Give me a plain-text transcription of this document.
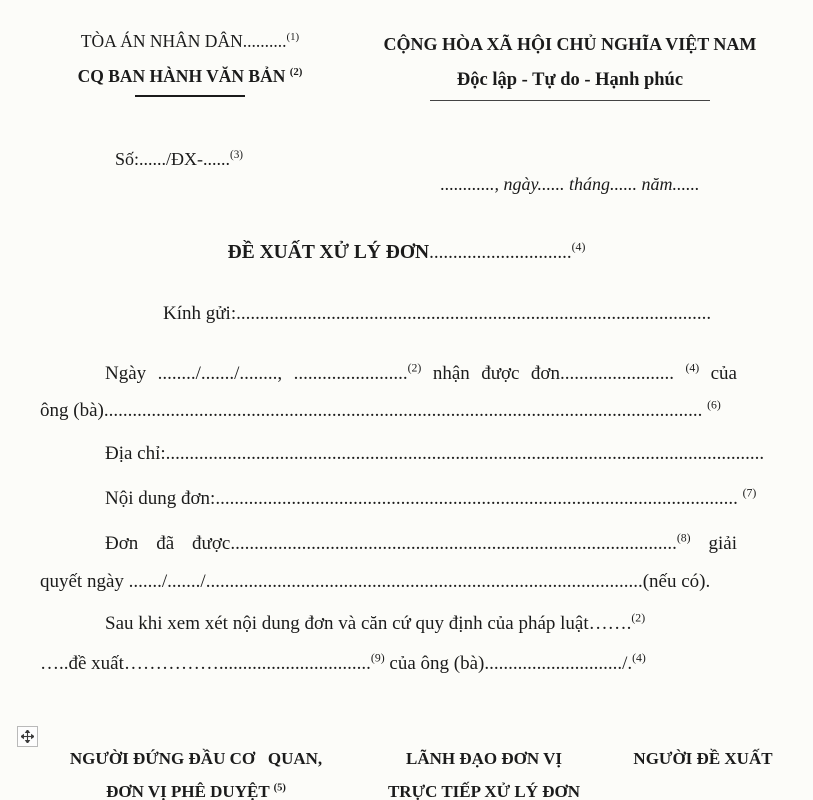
TÒA ÁN NHÂN DÂN..........$^{(1)}$
CQ BAN HÀNH VĂN BẢN $^{(2)}$
CỘNG HÒA XÃ HỘI CHỦ NGHĨA VIỆT NAM
Độc lập - Tự do - Hạnh phúc
Số:....../ĐX-......$^{(3)}$
............, ngày...... tháng...... năm......
ĐỀ XUẤT XỬ LÝ ĐƠN..............................$^{(4)}$
Kính gửi:....................................................................................................
Ngày ......../......./........, ........................$^{(2)}$ nhận được đơn........................ $^{(4)}$ của
ông (bà).............................................................................................................................. $^{(6)}$
Địa chỉ:..............................................................................................................................
Nội dung đơn:.............................................................................................................. $^{(7)}$
Đơn đã được..............................................................................................$^{(8)}$ giải
quyết ngày ......./......./............................................................................................(nếu có).
Sau khi xem xét nội dung đơn và căn cứ quy định của pháp luật…….$^{(2)}$
…..đề xuất……………................................$^{(9)}$ của ông (bà)............................./.$^{(4)}$
NGƯỜI ĐỨNG ĐẦU CƠ   QUAN,
ĐƠN VỊ PHÊ DUYỆT $^{(5)}$
LÃNH ĐẠO ĐƠN VỊ
TRỰC TIẾP XỬ LÝ ĐƠN
NGƯỜI ĐỀ XUẤT
